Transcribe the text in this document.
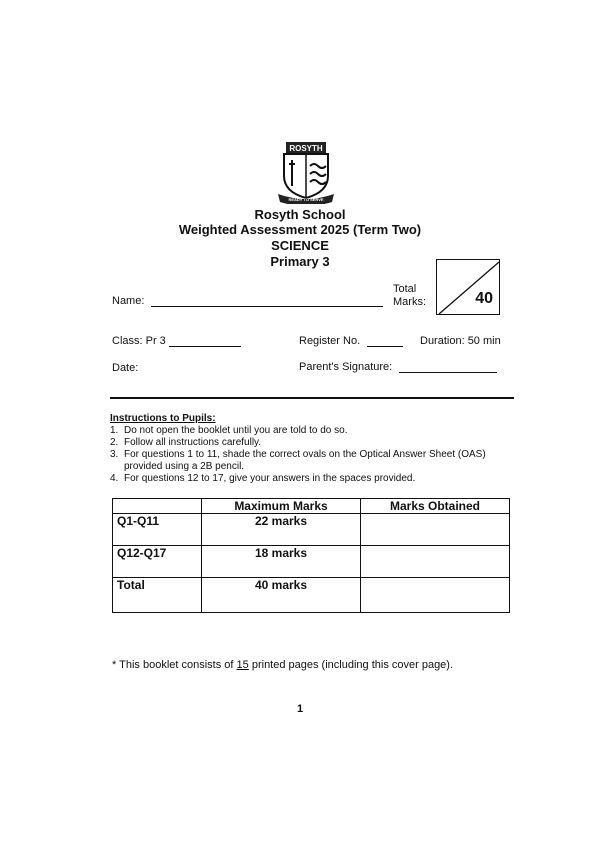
ROSYTH
READY TO SERVE
Rosyth School
Weighted Assessment 2025 (Term Two)
SCIENCE
Primary 3
Name:
Total
Marks:	40
Class: Pr 3	Register No.	Duration: 50 min
Date:	Parent's Signature:
Instructions to Pupils:
1. Do not open the booklet until you are told to do so.
2. Follow all instructions carefully.
3. For questions 1 to 11, shade the correct ovals on the Optical Answer Sheet (OAS) provided using a 2B pencil.
4. For questions 12 to 17, give your answers in the spaces provided.
	Maximum Marks	Marks Obtained
Q1-Q11	22 marks	
Q12-Q17	18 marks	
Total	40 marks	
* This booklet consists of 15 printed pages (including this cover page).
1
